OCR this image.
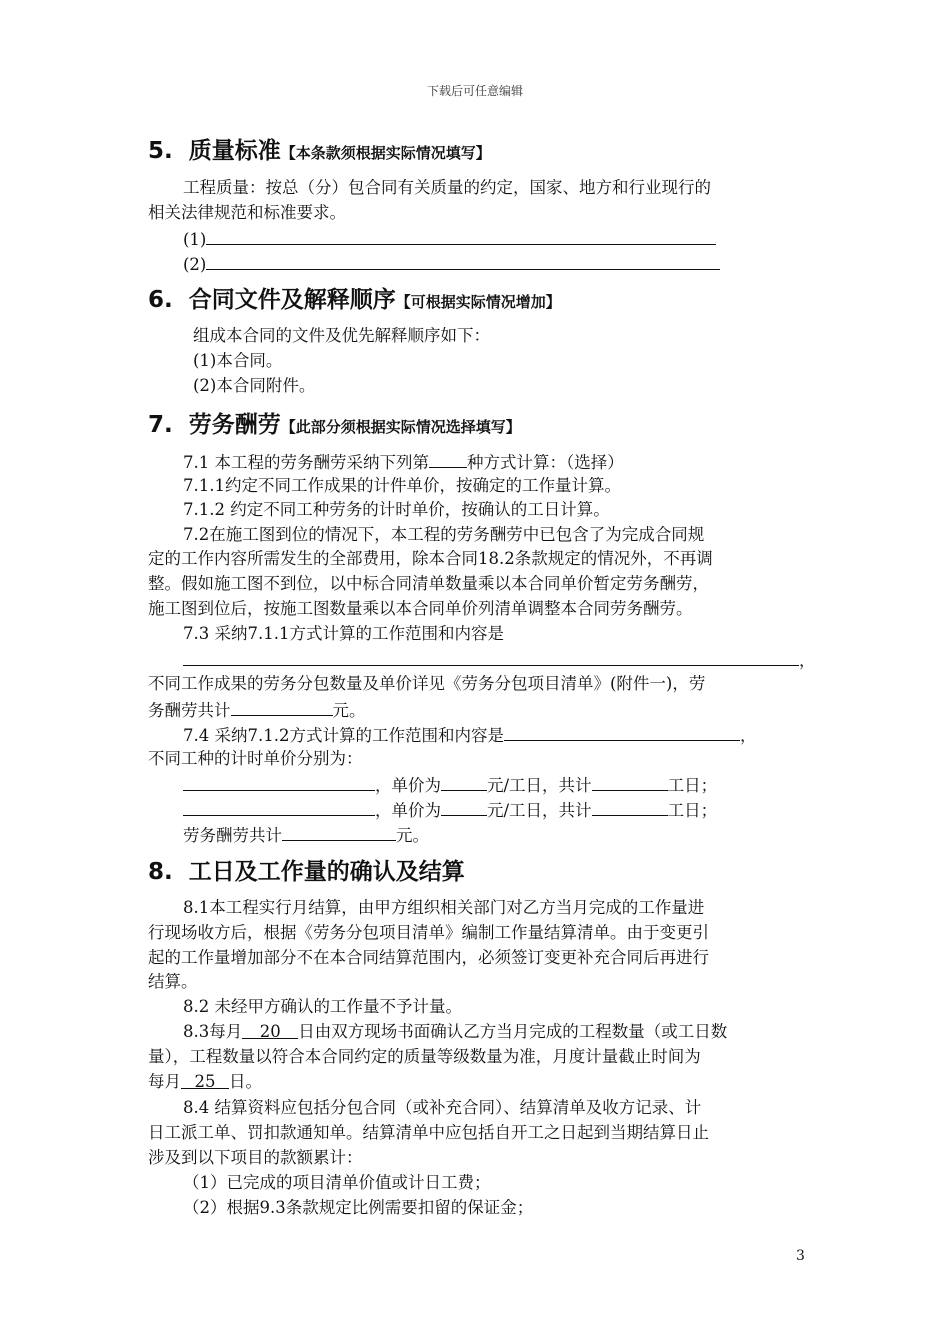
下载后可任意编辑
5. 质量标准【本条款须根据实际情况填写】
工程质量：按总（分）包合同有关质量的约定，国家、地方和行业现行的
相关法律规范和标准要求。
(1)
(2)
6. 合同文件及解释顺序【可根据实际情况增加】
组成本合同的文件及优先解释顺序如下：
(1)本合同。
(2)本合同附件。
7. 劳务酬劳【此部分须根据实际情况选择填写】
7.1 本工程的劳务酬劳采纳下列第 种方式计算：（选择）
7.1.1约定不同工作成果的计件单价，按确定的工作量计算。
7.1.2 约定不同工种劳务的计时单价，按确认的工日计算。
7.2在施工图到位的情况下，本工程的劳务酬劳中已包含了为完成合同规
定的工作内容所需发生的全部费用，除本合同18.2条款规定的情况外，不再调
整。假如施工图不到位，以中标合同清单数量乘以本合同单价暂定劳务酬劳，
施工图到位后，按施工图数量乘以本合同单价列清单调整本合同劳务酬劳。
7.3 采纳7.1.1方式计算的工作范围和内容是
，
不同工作成果的劳务分包数量及单价详见《劳务分包项目清单》(附件一)，劳
务酬劳共计	元。
7.4 采纳7.1.2方式计算的工作范围和内容是	，
不同工种的计时单价分别为：
，单价为	元/工日，共计	工日；
，单价为	元/工日，共计	工日；
劳务酬劳共计	元。
8. 工日及工作量的确认及结算
8.1本工程实行月结算，由甲方组织相关部门对乙方当月完成的工作量进
行现场收方后，根据《劳务分包项目清单》编制工作量结算清单。由于变更引
起的工作量增加部分不在本合同结算范围内，必须签订变更补充合同后再进行
结算。
8.2 未经甲方确认的工作量不予计量。
8.3每月 20 日由双方现场书面确认乙方当月完成的工程数量（或工日数
量），工程数量以符合本合同约定的质量等级数量为准，月度计量截止时间为
每月 25 日。
8.4 结算资料应包括分包合同（或补充合同）、结算清单及收方记录、计
日工派工单、罚扣款通知单。结算清单中应包括自开工之日起到当期结算日止
涉及到以下项目的款额累计：
（1）已完成的项目清单价值或计日工费；
（2）根据9.3条款规定比例需要扣留的保证金；
3
